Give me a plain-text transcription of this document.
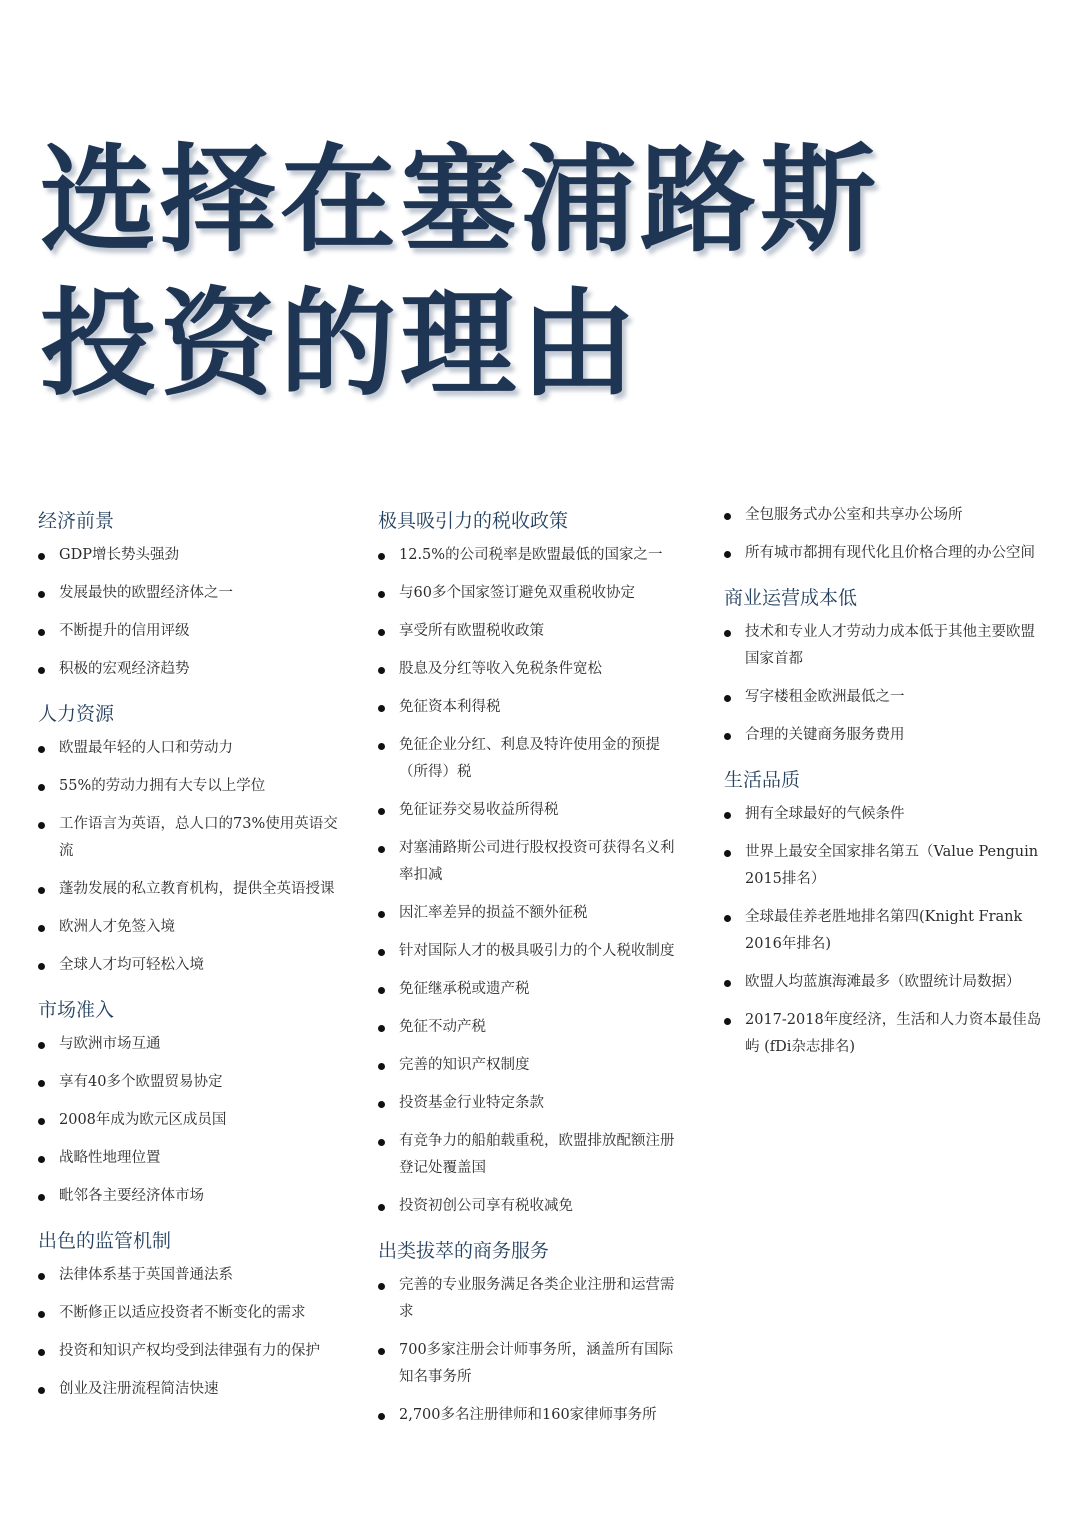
选择在塞浦路斯
投资的理由
经济前景
GDP增长势头强劲
发展最快的欧盟经济体之一
不断提升的信用评级
积极的宏观经济趋势
人力资源
欧盟最年轻的人口和劳动力
55%的劳动力拥有大专以上学位
工作语言为英语，总人口的73%使用英语交流
蓬勃发展的私立教育机构，提供全英语授课
欧洲人才免签入境
全球人才均可轻松入境
市场准入
与欧洲市场互通
享有40多个欧盟贸易协定
2008年成为欧元区成员国
战略性地理位置
毗邻各主要经济体市场
出色的监管机制
法律体系基于英国普通法系
不断修正以适应投资者不断变化的需求
投资和知识产权均受到法律强有力的保护
创业及注册流程简洁快速
极具吸引力的税收政策
12.5%的公司税率是欧盟最低的国家之一
与60多个国家签订避免双重税收协定
享受所有欧盟税收政策
股息及分红等收入免税条件宽松
免征资本利得税
免征企业分红、利息及特许使用金的预提（所得）税
免征证券交易收益所得税
对塞浦路斯公司进行股权投资可获得名义利率扣减
因汇率差异的损益不额外征税
针对国际人才的极具吸引力的个人税收制度
免征继承税或遗产税
免征不动产税
完善的知识产权制度
投资基金行业特定条款
有竞争力的船舶载重税，欧盟排放配额注册登记处覆盖国
投资初创公司享有税收减免
出类拔萃的商务服务
完善的专业服务满足各类企业注册和运营需求
700多家注册会计师事务所，涵盖所有国际知名事务所
2,700多名注册律师和160家律师事务所
全包服务式办公室和共享办公场所
所有城市都拥有现代化且价格合理的办公空间
商业运营成本低
技术和专业人才劳动力成本低于其他主要欧盟国家首都
写字楼租金欧洲最低之一
合理的关键商务服务费用
生活品质
拥有全球最好的气候条件
世界上最安全国家排名第五（Value Penguin 2015排名）
全球最佳养老胜地排名第四(Knight Frank 2016年排名)
欧盟人均蓝旗海滩最多（欧盟统计局数据）
2017-2018年度经济，生活和人力资本最佳岛屿 (fDi杂志排名)
